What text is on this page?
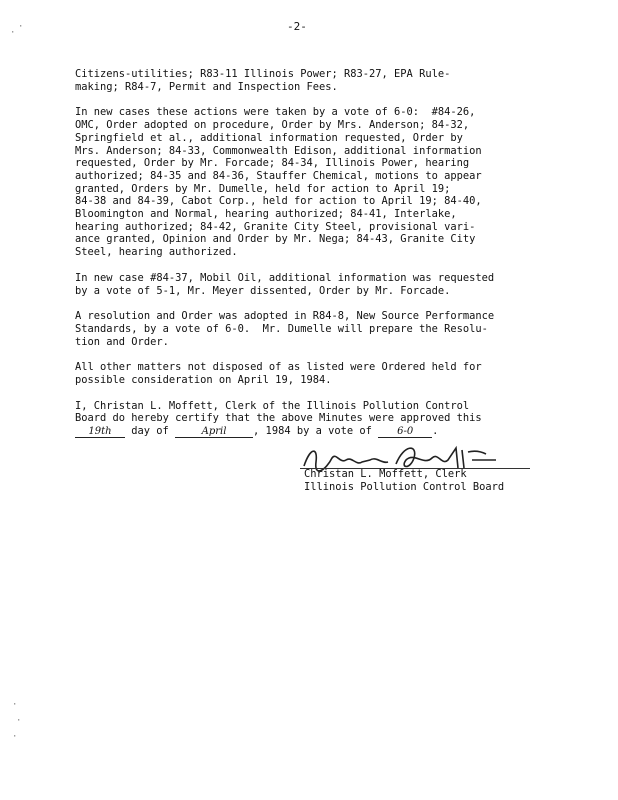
-2-
Citizens-utilities; R83-11 Illinois Power; R83-27, EPA Rule-
making; R84-7, Permit and Inspection Fees.
In new cases these actions were taken by a vote of 6-0:  #84-26,
OMC, Order adopted on procedure, Order by Mrs. Anderson; 84-32,
Springfield et al., additional information requested, Order by
Mrs. Anderson; 84-33, Commonwealth Edison, additional information
requested, Order by Mr. Forcade; 84-34, Illinois Power, hearing
authorized; 84-35 and 84-36, Stauffer Chemical, motions to appear
granted, Orders by Mr. Dumelle, held for action to April 19;
84-38 and 84-39, Cabot Corp., held for action to April 19; 84-40,
Bloomington and Normal, hearing authorized; 84-41, Interlake,
hearing authorized; 84-42, Granite City Steel, provisional vari-
ance granted, Opinion and Order by Mr. Nega; 84-43, Granite City
Steel, hearing authorized.
In new case #84-37, Mobil Oil, additional information was requested
by a vote of 5-1, Mr. Meyer dissented, Order by Mr. Forcade.
A resolution and Order was adopted in R84-8, New Source Performance
Standards, by a vote of 6-0.  Mr. Dumelle will prepare the Resolu-
tion and Order.
All other matters not disposed of as listed were Ordered held for
possible consideration on April 19, 1984.
I, Christan L. Moffett, Clerk of the Illinois Pollution Control
Board do hereby certify that the above Minutes were approved this
19th day of	April	, 1984 by a vote of 6-0 .
Christan L. Moffett, Clerk
Illinois Pollution Control Board
·
·
·
·
·
